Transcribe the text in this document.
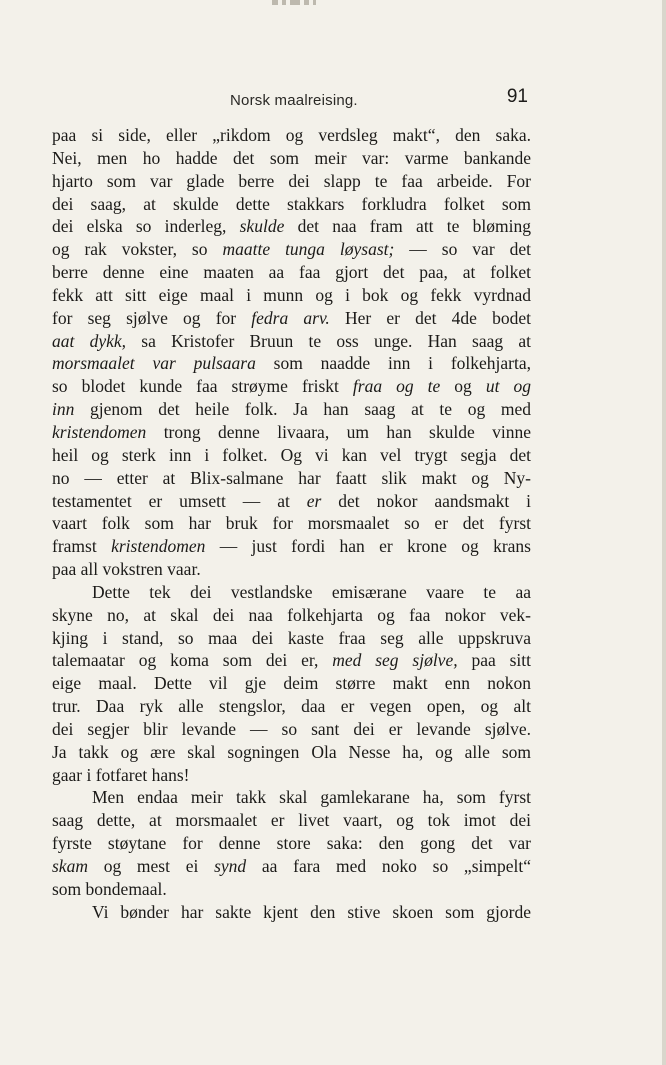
Norsk maalreising.	91
paa si side, eller „rikdom og verdsleg makt“, den saka.
Nei, men ho hadde det som meir var: varme bankande
hjarto som var glade berre dei slapp te faa arbeide. For
dei saag, at skulde dette stakkars forkludra folket som
dei elska so inderleg, skulde det naa fram att te bløming
og rak vokster, so maatte tunga løysast; — so var det
berre denne eine maaten aa faa gjort det paa, at folket
fekk att sitt eige maal i munn og i bok og fekk vyrdnad
for seg sjølve og for fedra arv. Her er det 4de bodet
aat dykk, sa Kristofer Bruun te oss unge. Han saag at
morsmaalet var pulsaara som naadde inn i folkehjarta,
so blodet kunde faa strøyme friskt fraa og te og ut og
inn gjenom det heile folk. Ja han saag at te og med
kristendomen trong denne livaara, um han skulde vinne
heil og sterk inn i folket. Og vi kan vel trygt segja det
no — etter at Blix-salmane har faatt slik makt og Ny-
testamentet er umsett — at er det nokor aandsmakt i
vaart folk som har bruk for morsmaalet so er det fyrst
framst kristendomen — just fordi han er krone og krans
paa all vokstren vaar.
Dette tek dei vestlandske emisærane vaare te aa
skyne no, at skal dei naa folkehjarta og faa nokor vek-
kjing i stand, so maa dei kaste fraa seg alle uppskruva
talemaatar og koma som dei er, med seg sjølve, paa sitt
eige maal. Dette vil gje deim større makt enn nokon
trur. Daa ryk alle stengslor, daa er vegen open, og alt
dei segjer blir levande — so sant dei er levande sjølve.
Ja takk og ære skal sogningen Ola Nesse ha, og alle som
gaar i fotfaret hans!
Men endaa meir takk skal gamlekarane ha, som fyrst
saag dette, at morsmaalet er livet vaart, og tok imot dei
fyrste støytane for denne store saka: den gong det var
skam og mest ei synd aa fara med noko so „simpelt“
som bondemaal.
Vi bønder har sakte kjent den stive skoen som gjorde
